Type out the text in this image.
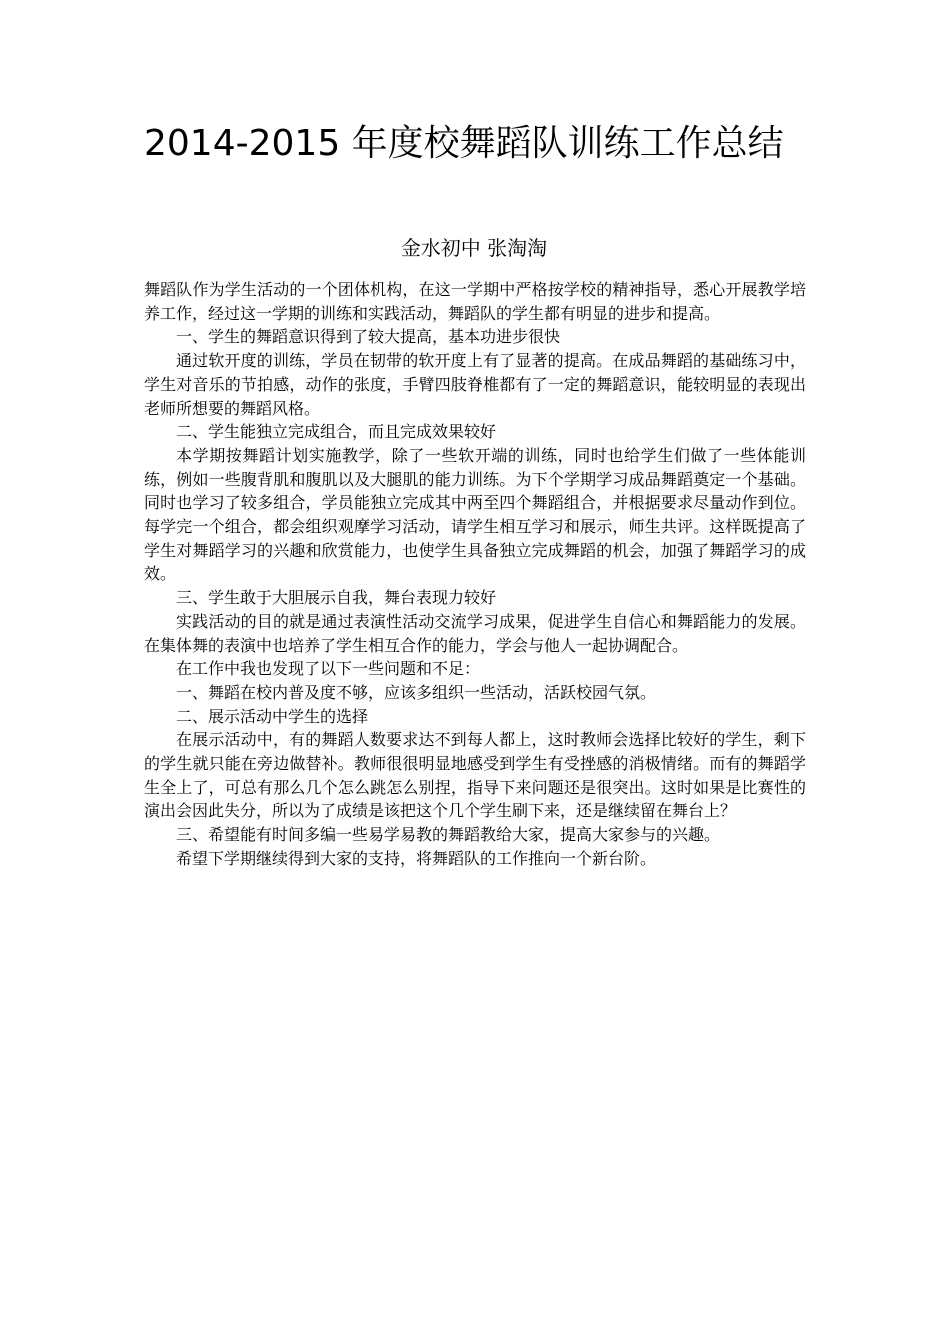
2014-2015 年度校舞蹈队训练工作总结

金水初中 张淘淘

舞蹈队作为学生活动的一个团体机构，在这一学期中严格按学校的精神指导，悉心开展教学培养工作，经过这一学期的训练和实践活动，舞蹈队的学生都有明显的进步和提高。

一、学生的舞蹈意识得到了较大提高，基本功进步很快

通过软开度的训练，学员在韧带的软开度上有了显著的提高。在成品舞蹈的基础练习中，学生对音乐的节拍感，动作的张度，手臂四肢脊椎都有了一定的舞蹈意识，能较明显的表现出老师所想要的舞蹈风格。

二、学生能独立完成组合，而且完成效果较好

本学期按舞蹈计划实施教学，除了一些软开端的训练，同时也给学生们做了一些体能训练，例如一些腹背肌和腹肌以及大腿肌的能力训练。为下个学期学习成品舞蹈奠定一个基础。同时也学习了较多组合，学员能独立完成其中两至四个舞蹈组合，并根据要求尽量动作到位。每学完一个组合，都会组织观摩学习活动，请学生相互学习和展示，师生共评。这样既提高了学生对舞蹈学习的兴趣和欣赏能力，也使学生具备独立完成舞蹈的机会，加强了舞蹈学习的成效。

三、学生敢于大胆展示自我，舞台表现力较好

实践活动的目的就是通过表演性活动交流学习成果，促进学生自信心和舞蹈能力的发展。在集体舞的表演中也培养了学生相互合作的能力，学会与他人一起协调配合。

在工作中我也发现了以下一些问题和不足：

一、舞蹈在校内普及度不够，应该多组织一些活动，活跃校园气氛。

二、展示活动中学生的选择

在展示活动中，有的舞蹈人数要求达不到每人都上，这时教师会选择比较好的学生，剩下的学生就只能在旁边做替补。教师很很明显地感受到学生有受挫感的消极情绪。而有的舞蹈学生全上了，可总有那么几个怎么跳怎么别捏，指导下来问题还是很突出。这时如果是比赛性的演出会因此失分，所以为了成绩是该把这个几个学生刷下来，还是继续留在舞台上？

三、希望能有时间多编一些易学易教的舞蹈教给大家，提高大家参与的兴趣。

希望下学期继续得到大家的支持，将舞蹈队的工作推向一个新台阶。
